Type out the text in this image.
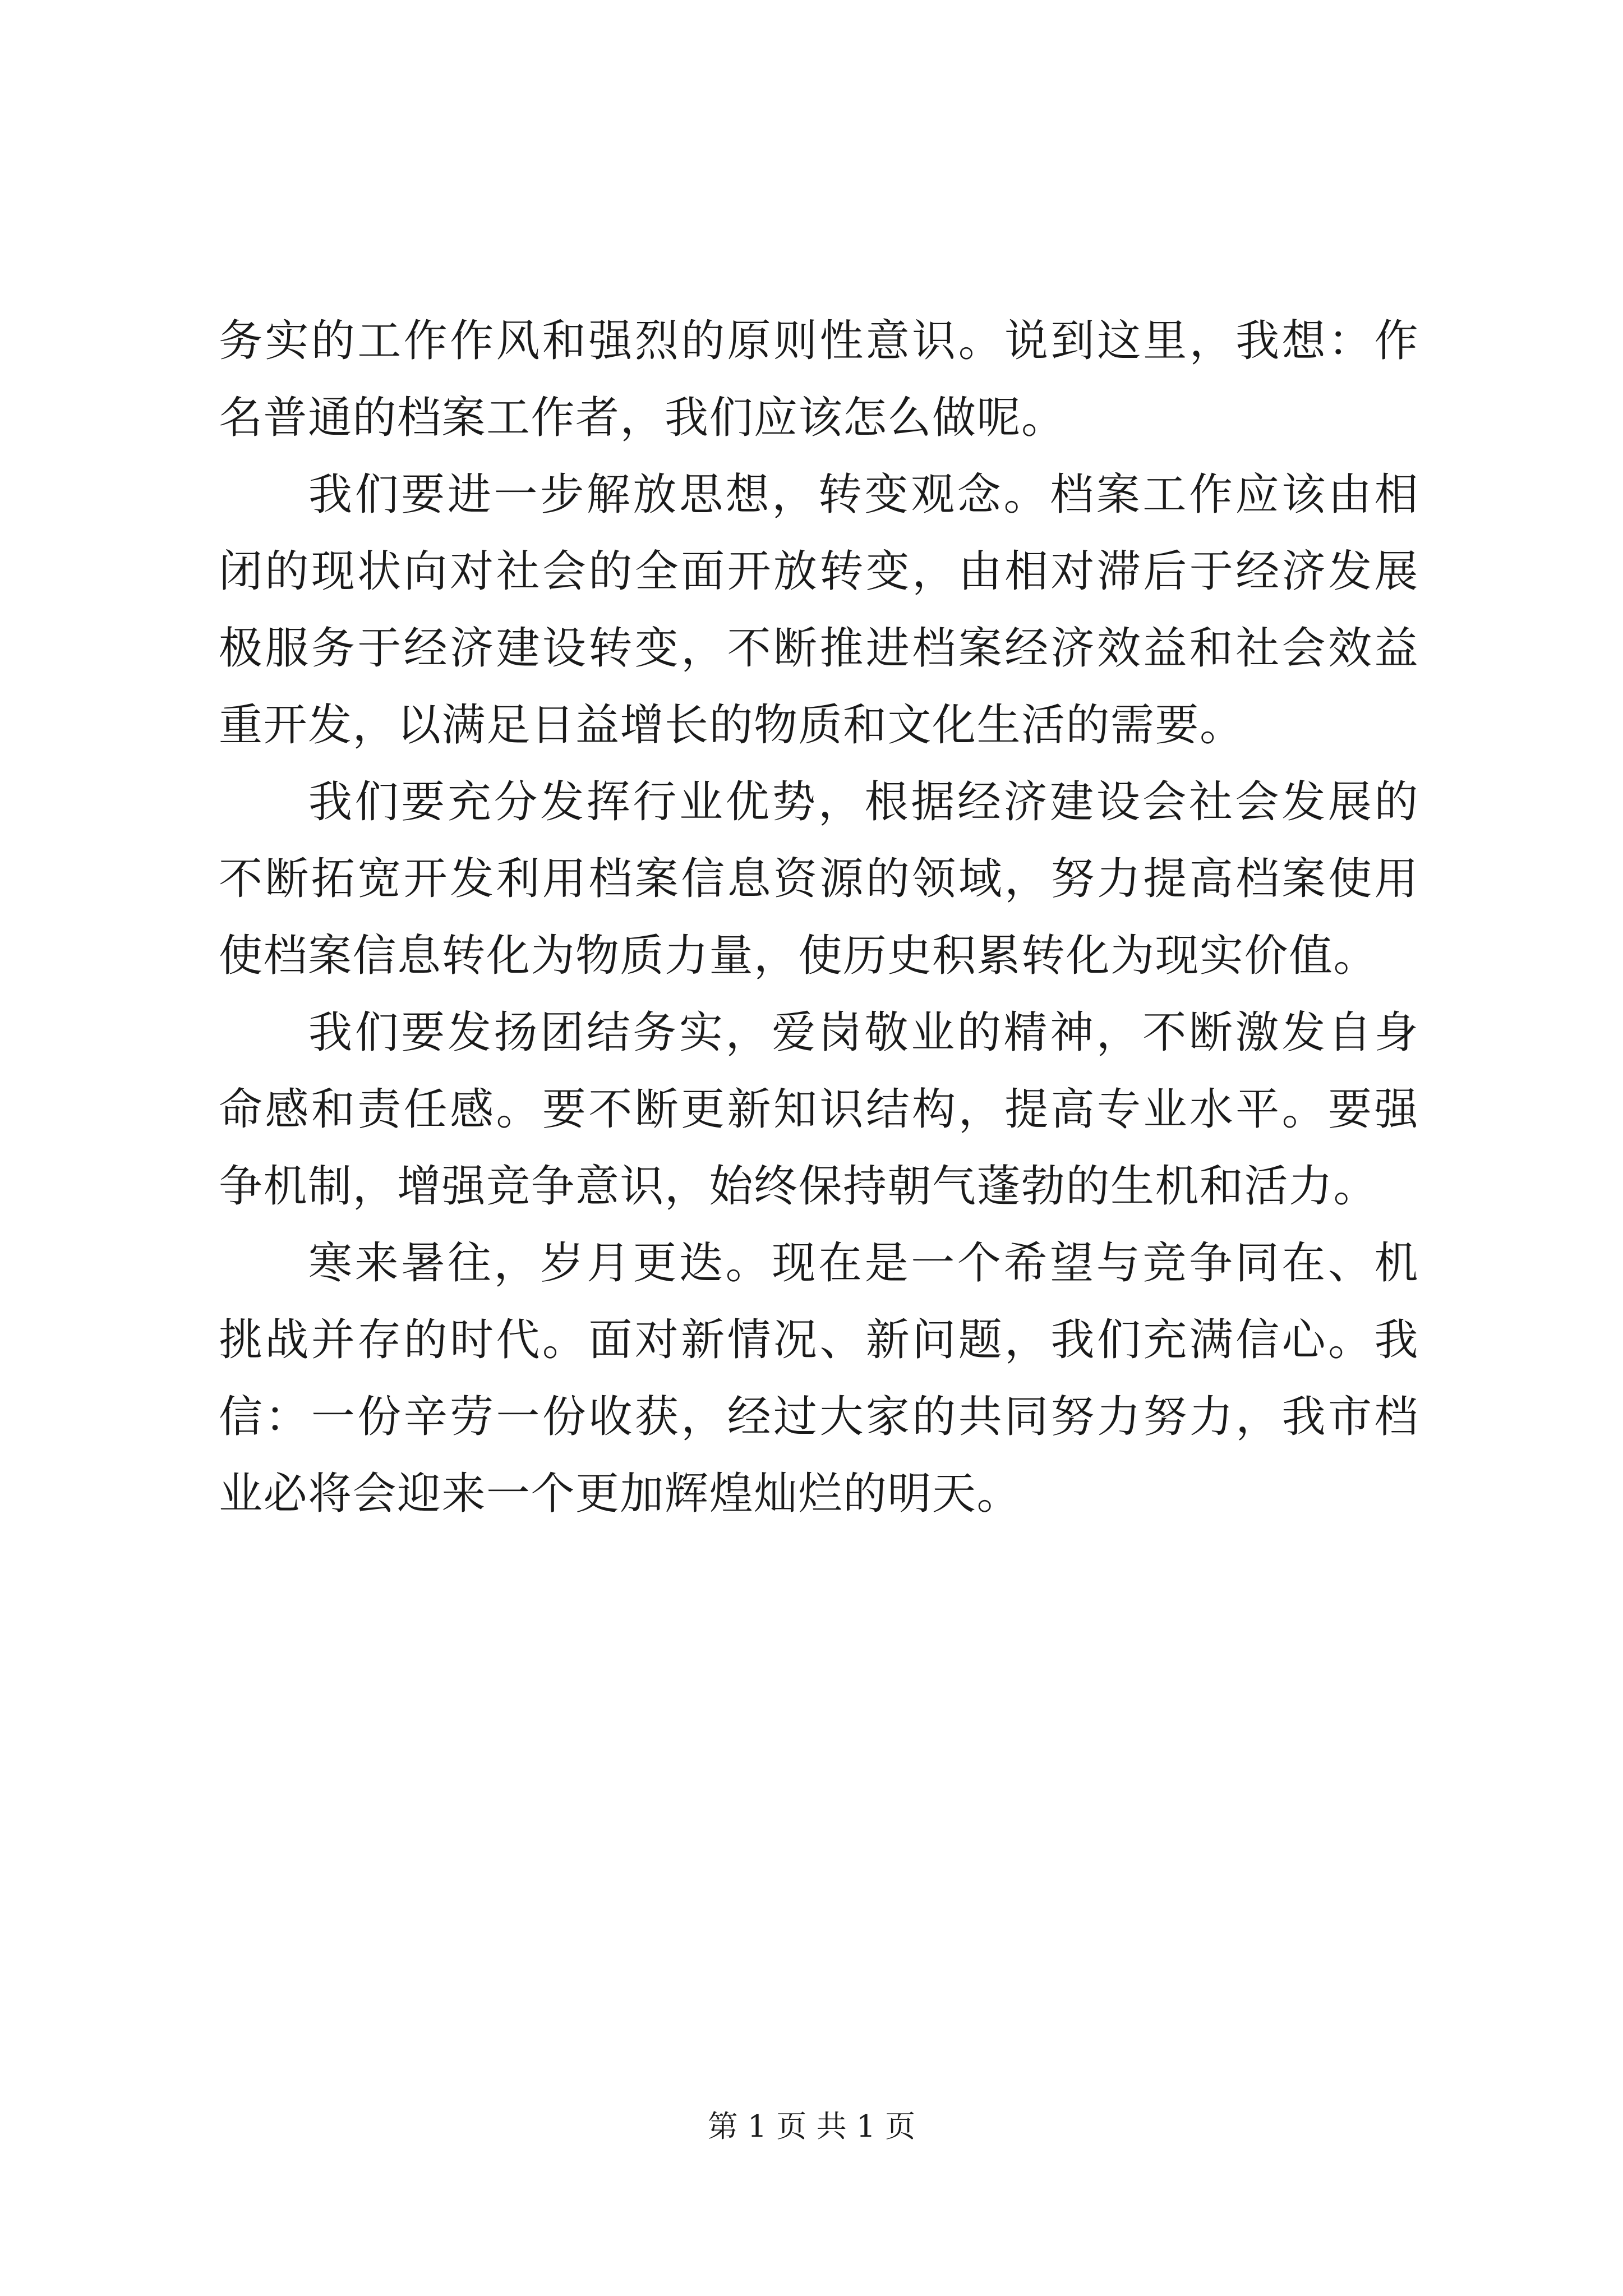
务实的工作作风和强烈的原则性意识。说到这里，我想：作
名普通的档案工作者，我们应该怎么做呢。
我们要进一步解放思想，转变观念。档案工作应该由相
闭的现状向对社会的全面开放转变，由相对滞后于经济发展
极服务于经济建设转变，不断推进档案经济效益和社会效益
重开发，以满足日益增长的物质和文化生活的需要。
我们要充分发挥行业优势，根据经济建设会社会发展的
不断拓宽开发利用档案信息资源的领域，努力提高档案使用
使档案信息转化为物质力量，使历史积累转化为现实价值。
我们要发扬团结务实，爱岗敬业的精神，不断激发自身
命感和责任感。要不断更新知识结构，提高专业水平。要强
争机制，增强竞争意识，始终保持朝气蓬勃的生机和活力。
寒来暑往，岁月更迭。现在是一个希望与竞争同在、机
挑战并存的时代。面对新情况、新问题，我们充满信心。我
信：一份辛劳一份收获，经过大家的共同努力努力，我市档
业必将会迎来一个更加辉煌灿烂的明天。
第 1 页 共 1 页
